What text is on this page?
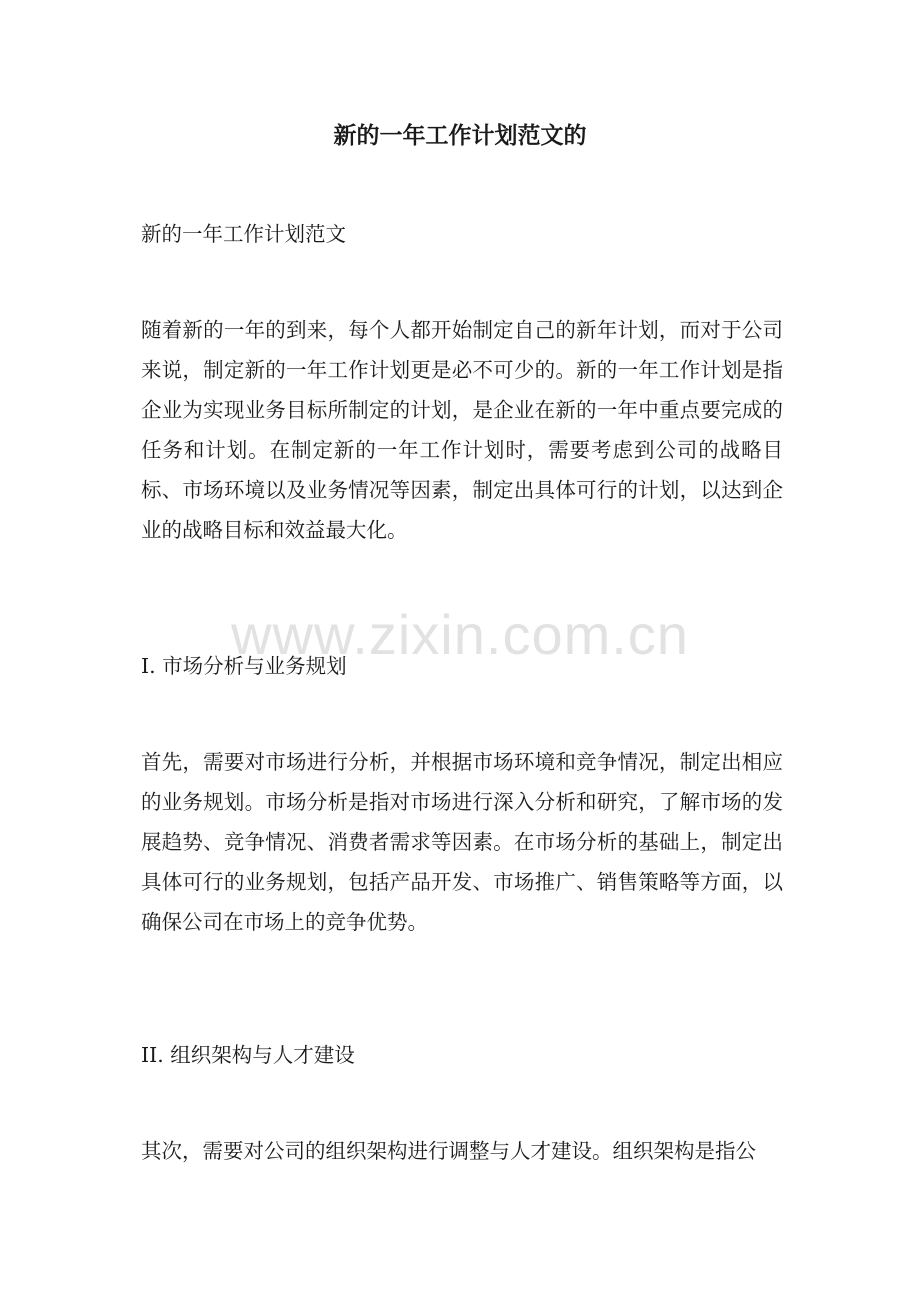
新的一年工作计划范文的

新的一年工作计划范文

随着新的一年的到来，每个人都开始制定自己的新年计划，而对于公司来说，制定新的一年工作计划更是必不可少的。新的一年工作计划是指企业为实现业务目标所制定的计划，是企业在新的一年中重点要完成的任务和计划。在制定新的一年工作计划时，需要考虑到公司的战略目标、市场环境以及业务情况等因素，制定出具体可行的计划，以达到企业的战略目标和效益最大化。

I. 市场分析与业务规划

首先，需要对市场进行分析，并根据市场环境和竞争情况，制定出相应的业务规划。市场分析是指对市场进行深入分析和研究，了解市场的发展趋势、竞争情况、消费者需求等因素。在市场分析的基础上，制定出具体可行的业务规划，包括产品开发、市场推广、销售策略等方面，以确保公司在市场上的竞争优势。

II. 组织架构与人才建设

其次，需要对公司的组织架构进行调整与人才建设。组织架构是指公

www.zixin.com.cn
